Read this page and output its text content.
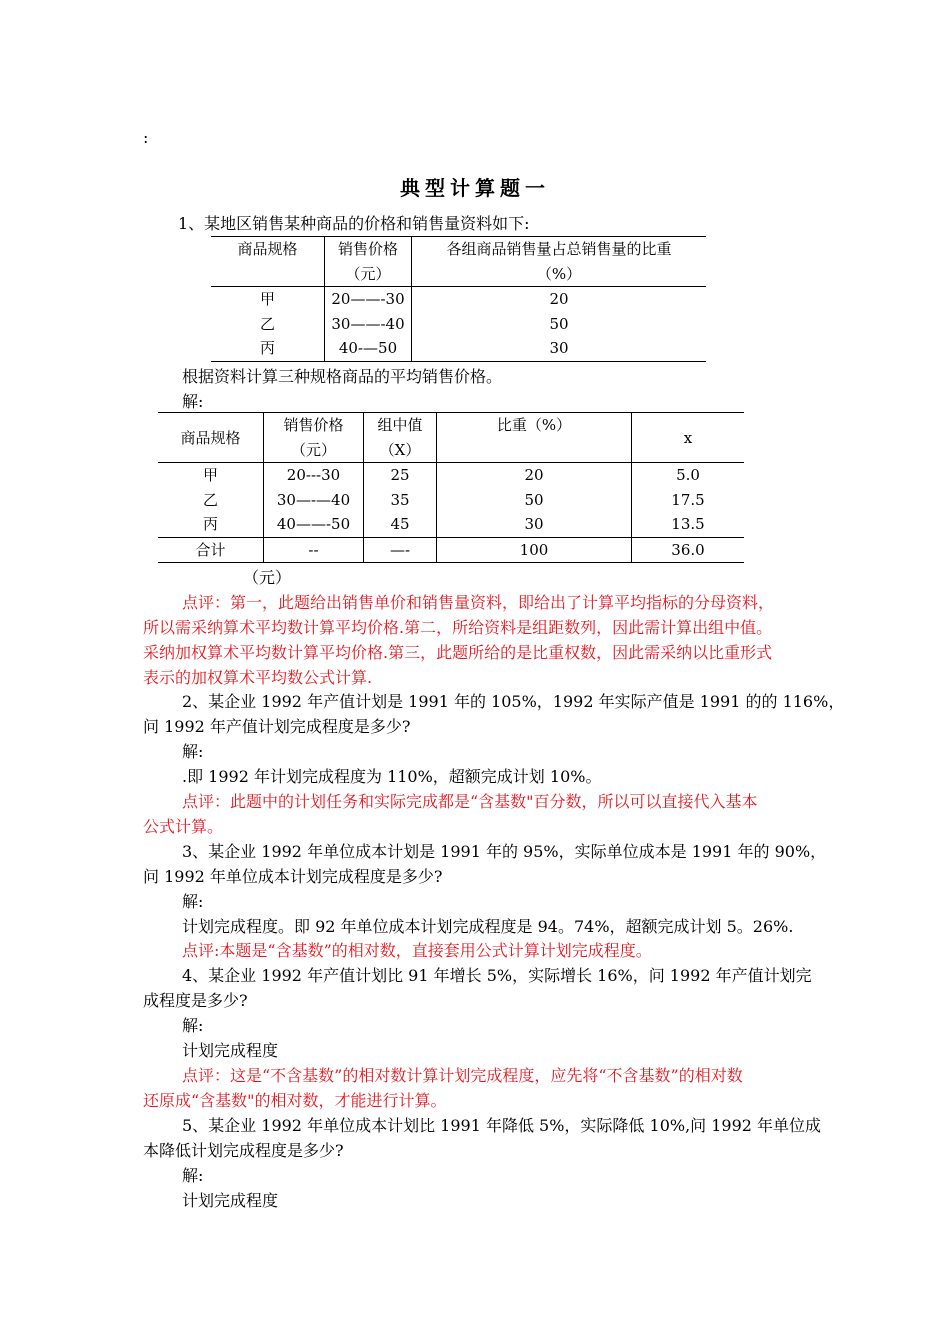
:
典型计算题一
1、某地区销售某种商品的价格和销售量资料如下:
商品规格	销售价格	各组商品销售量占总销售量的比重
	（元）	（%）
甲	20——-30	20
乙	30——-40	50
丙	40-—50	30
根据资料计算三种规格商品的平均销售价格。
解:
商品规格	销售价格	组中值	比重（%）	x
	（元）	（X）		
甲	20---30	25	20	5.0
乙	30—-—40	35	50	17.5
丙	40——-50	45	30	13.5
合计	--	—-	100	36.0
（元）
点评：第一，此题给出销售单价和销售量资料，即给出了计算平均指标的分母资料，
所以需采纳算术平均数计算平均价格.第二，所给资料是组距数列，因此需计算出组中值。
采纳加权算术平均数计算平均价格.第三，此题所给的是比重权数，因此需采纳以比重形式
表示的加权算术平均数公式计算.
2、某企业 1992 年产值计划是 1991 年的 105%，1992 年实际产值是 1991 的的 116%，
问 1992 年产值计划完成程度是多少?
解:
.即 1992 年计划完成程度为 110%，超额完成计划 10%。
点评：此题中的计划任务和实际完成都是“含基数"百分数，所以可以直接代入基本
公式计算。
3、某企业 1992 年单位成本计划是 1991 年的 95%，实际单位成本是 1991 年的 90%，
问 1992 年单位成本计划完成程度是多少?
解:
计划完成程度。即 92 年单位成本计划完成程度是 94。74%，超额完成计划 5。26%.
点评:本题是“含基数”的相对数，直接套用公式计算计划完成程度。
4、某企业 1992 年产值计划比 91 年增长 5%，实际增长 16%，问 1992 年产值计划完
成程度是多少?
解:
计划完成程度
点评：这是“不含基数”的相对数计算计划完成程度，应先将“不含基数”的相对数
还原成“含基数"的相对数，才能进行计算。
5、某企业 1992 年单位成本计划比 1991 年降低 5%，实际降低 10%,问 1992 年单位成
本降低计划完成程度是多少?
解:
计划完成程度
